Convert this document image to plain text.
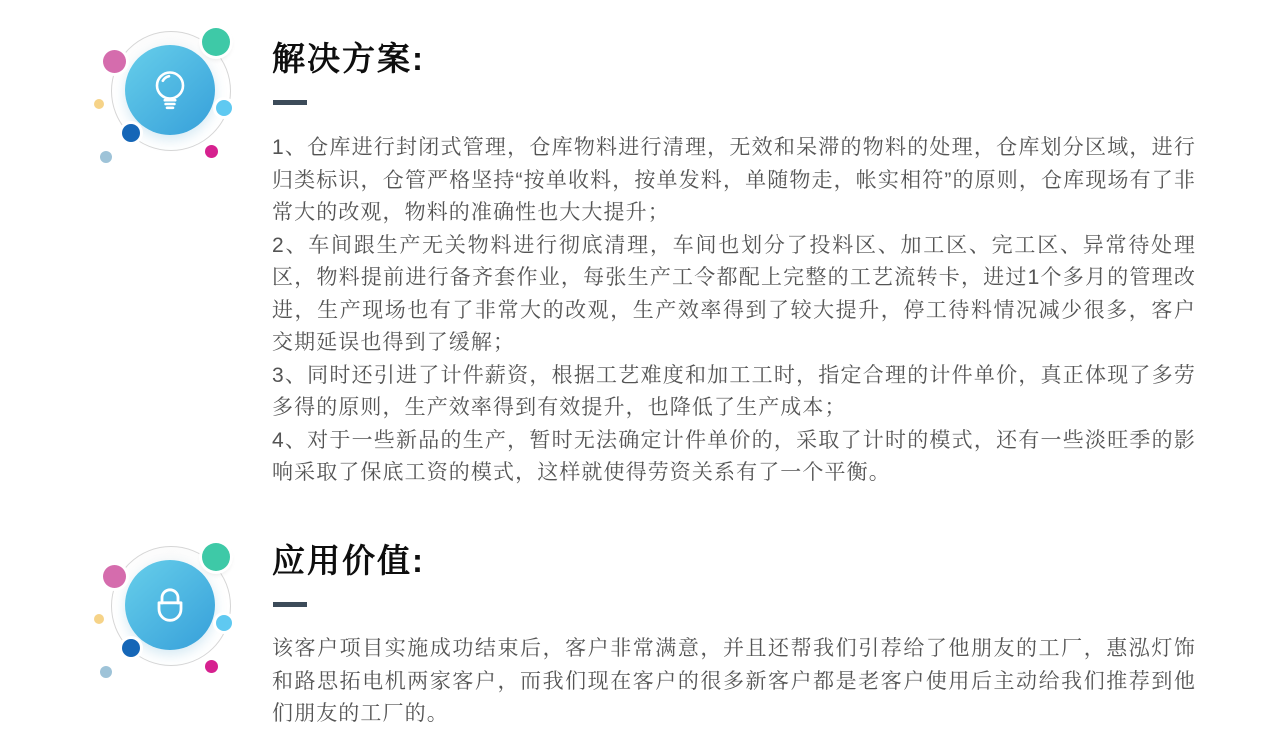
解决方案:

1、仓库进行封闭式管理，仓库物料进行清理，无效和呆滞的物料的处理，仓库划分区域，进行归类标识，仓管严格坚持“按单收料，按单发料，单随物走，帐实相符”的原则，仓库现场有了非常大的改观，物料的准确性也大大提升；

2、车间跟生产无关物料进行彻底清理，车间也划分了投料区、加工区、完工区、异常待处理区，物料提前进行备齐套作业，每张生产工令都配上完整的工艺流转卡，进过1个多月的管理改进，生产现场也有了非常大的改观，生产效率得到了较大提升，停工待料情况减少很多，客户交期延误也得到了缓解；

3、同时还引进了计件薪资，根据工艺难度和加工工时，指定合理的计件单价，真正体现了多劳多得的原则，生产效率得到有效提升，也降低了生产成本；

4、对于一些新品的生产，暂时无法确定计件单价的，采取了计时的模式，还有一些淡旺季的影响采取了保底工资的模式，这样就使得劳资关系有了一个平衡。

应用价值:

该客户项目实施成功结束后，客户非常满意，并且还帮我们引荐给了他朋友的工厂，惠泓灯饰和路思拓电机两家客户，而我们现在客户的很多新客户都是老客户使用后主动给我们推荐到他们朋友的工厂的。
